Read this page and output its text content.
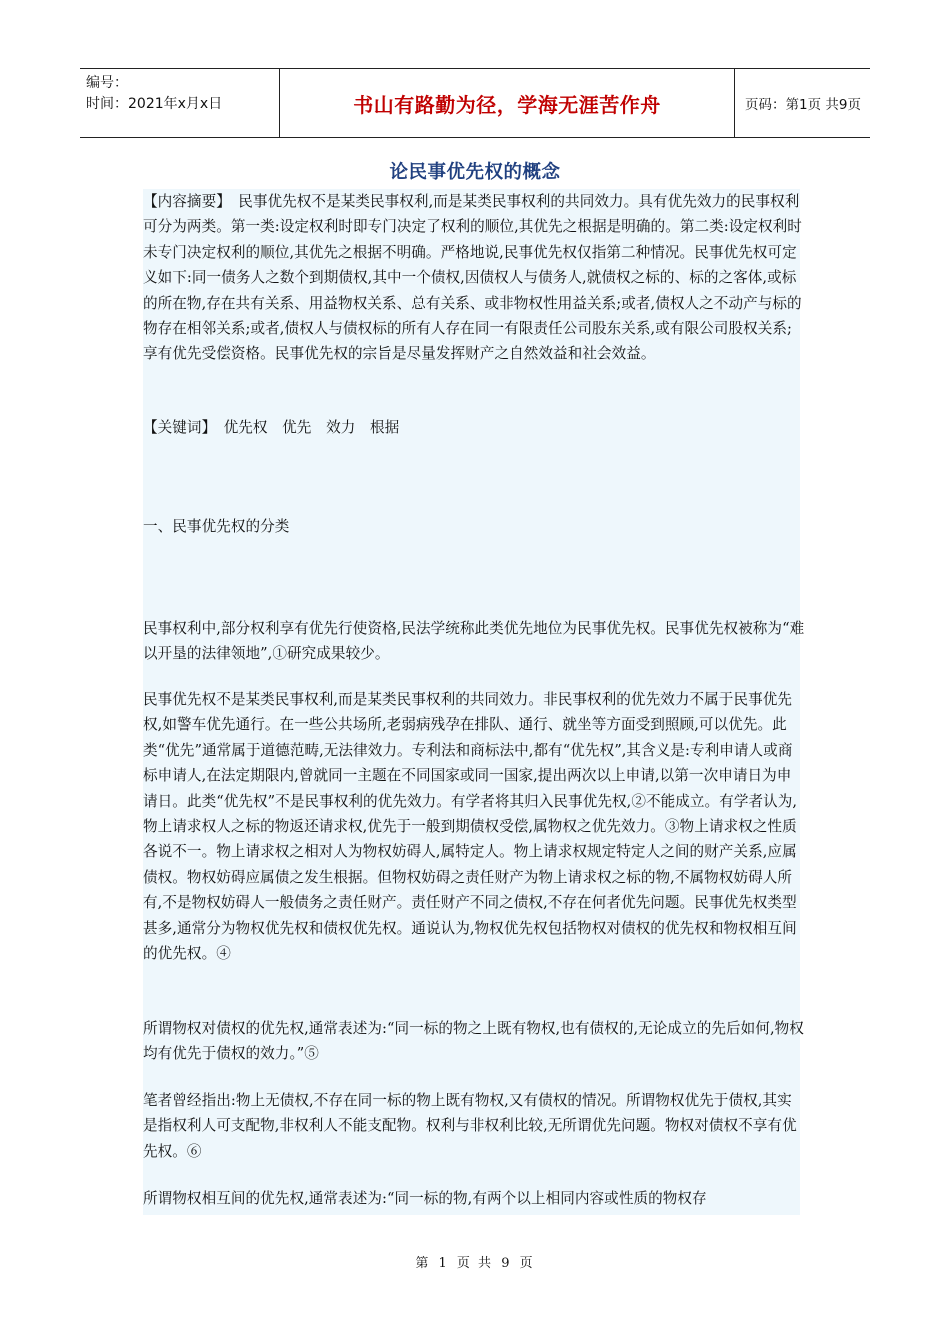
编号：
时间：2021年x月x日	书山有路勤为径，学海无涯苦作舟	页码：第1页 共9页
论民事优先权的概念

【内容摘要】　民事优先权不是某类民事权利,而是某类民事权利的共同效力。具有优先效力的民事权利可分为两类。第一类:设定权利时即专门决定了权利的顺位,其优先之根据是明确的。第二类:设定权利时未专门决定权利的顺位,其优先之根据不明确。严格地说,民事优先权仅指第二种情况。民事优先权可定义如下:同一债务人之数个到期债权,其中一个债权,因债权人与债务人,就债权之标的、标的之客体,或标的所在物,存在共有关系、用益物权关系、总有关系、或非物权性用益关系;或者,债权人之不动产与标的物存在相邻关系;或者,债权人与债权标的所有人存在同一有限责任公司股东关系,或有限公司股权关系;享有优先受偿资格。民事优先权的宗旨是尽量发挥财产之自然效益和社会效益。

【关键词】　优先权　优先　效力　根据

一、民事优先权的分类

民事权利中,部分权利享有优先行使资格,民法学统称此类优先地位为民事优先权。民事优先权被称为“难以开垦的法律领地”,①研究成果较少。

民事优先权不是某类民事权利,而是某类民事权利的共同效力。非民事权利的优先效力不属于民事优先权,如警车优先通行。在一些公共场所,老弱病残孕在排队、通行、就坐等方面受到照顾,可以优先。此类“优先”通常属于道德范畴,无法律效力。专利法和商标法中,都有“优先权”,其含义是:专利申请人或商标申请人,在法定期限内,曾就同一主题在不同国家或同一国家,提出两次以上申请,以第一次申请日为申请日。此类“优先权”不是民事权利的优先效力。有学者将其归入民事优先权,②不能成立。有学者认为,物上请求权人之标的物返还请求权,优先于一般到期债权受偿,属物权之优先效力。③物上请求权之性质各说不一。物上请求权之相对人为物权妨碍人,属特定人。物上请求权规定特定人之间的财产关系,应属债权。物权妨碍应属债之发生根据。但物权妨碍之责任财产为物上请求权之标的物,不属物权妨碍人所有,不是物权妨碍人一般债务之责任财产。责任财产不同之债权,不存在何者优先问题。民事优先权类型甚多,通常分为物权优先权和债权优先权。通说认为,物权优先权包括物权对债权的优先权和物权相互间的优先权。④

所谓物权对债权的优先权,通常表述为:“同一标的物之上既有物权,也有债权的,无论成立的先后如何,物权均有优先于债权的效力。”⑤

笔者曾经指出:物上无债权,不存在同一标的物上既有物权,又有债权的情况。所谓物权优先于债权,其实是指权利人可支配物,非权利人不能支配物。权利与非权利比较,无所谓优先问题。物权对债权不享有优先权。⑥

所谓物权相互间的优先权,通常表述为:“同一标的物,有两个以上相同内容或性质的物权存

第 1 页 共 9 页
